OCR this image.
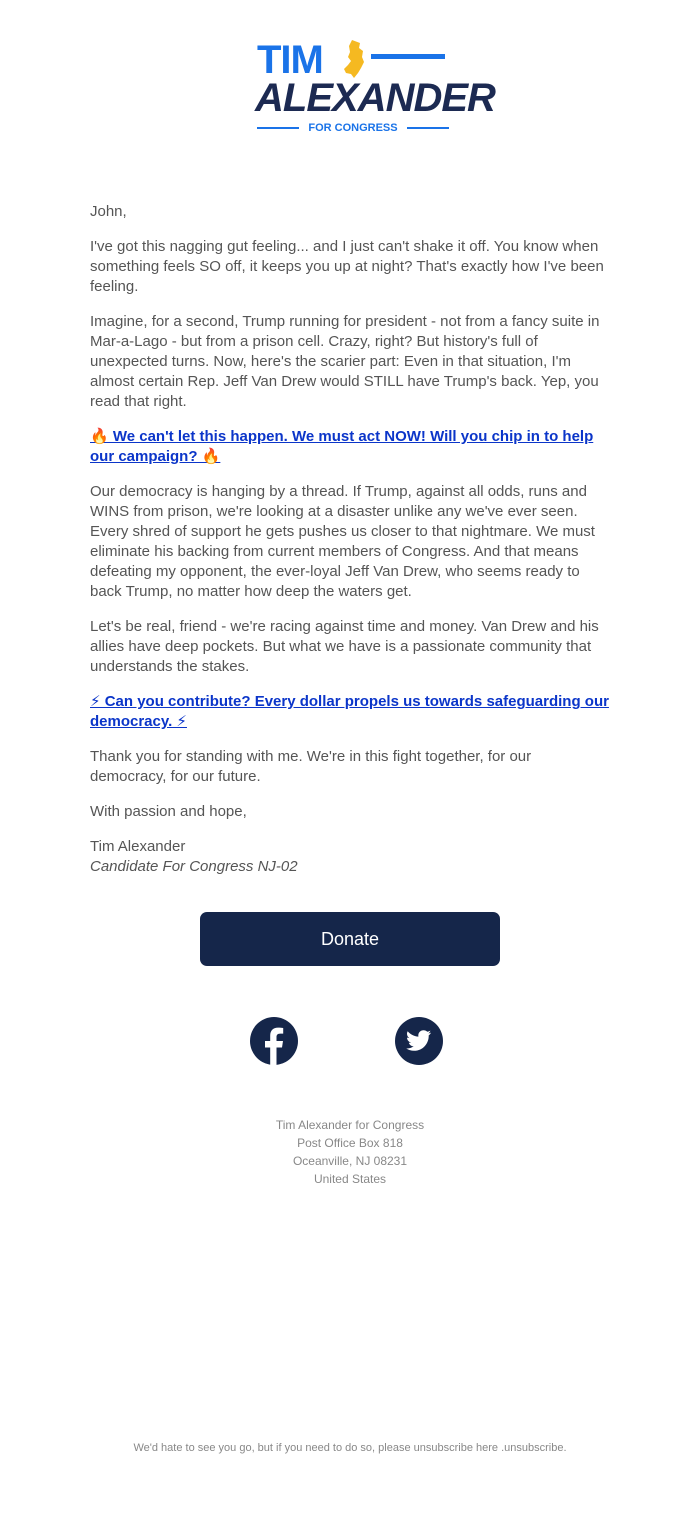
TIM
ALEXANDER
FOR CONGRESS

John,

I've got this nagging gut feeling... and I just can't shake it off. You know when something feels SO off, it keeps you up at night? That's exactly how I've been feeling.

Imagine, for a second, Trump running for president - not from a fancy suite in Mar-a-Lago - but from a prison cell. Crazy, right? But history's full of unexpected turns. Now, here's the scarier part: Even in that situation, I'm almost certain Rep. Jeff Van Drew would STILL have Trump's back. Yep, you read that right.

🔥 We can't let this happen. We must act NOW! Will you chip in to help our campaign? 🔥

Our democracy is hanging by a thread. If Trump, against all odds, runs and WINS from prison, we're looking at a disaster unlike any we've ever seen. Every shred of support he gets pushes us closer to that nightmare. We must eliminate his backing from current members of Congress. And that means defeating my opponent, the ever-loyal Jeff Van Drew, who seems ready to back Trump, no matter how deep the waters get.

Let's be real, friend - we're racing against time and money. Van Drew and his allies have deep pockets. But what we have is a passionate community that understands the stakes.

⚡ Can you contribute? Every dollar propels us towards safeguarding our democracy. ⚡

Thank you for standing with me. We're in this fight together, for our democracy, for our future.

With passion and hope,

Tim Alexander
Candidate For Congress NJ-02

Donate
Tim Alexander for Congress
Post Office Box 818
Oceanville, NJ 08231
United States
We'd hate to see you go, but if you need to do so, please unsubscribe here .unsubscribe.
